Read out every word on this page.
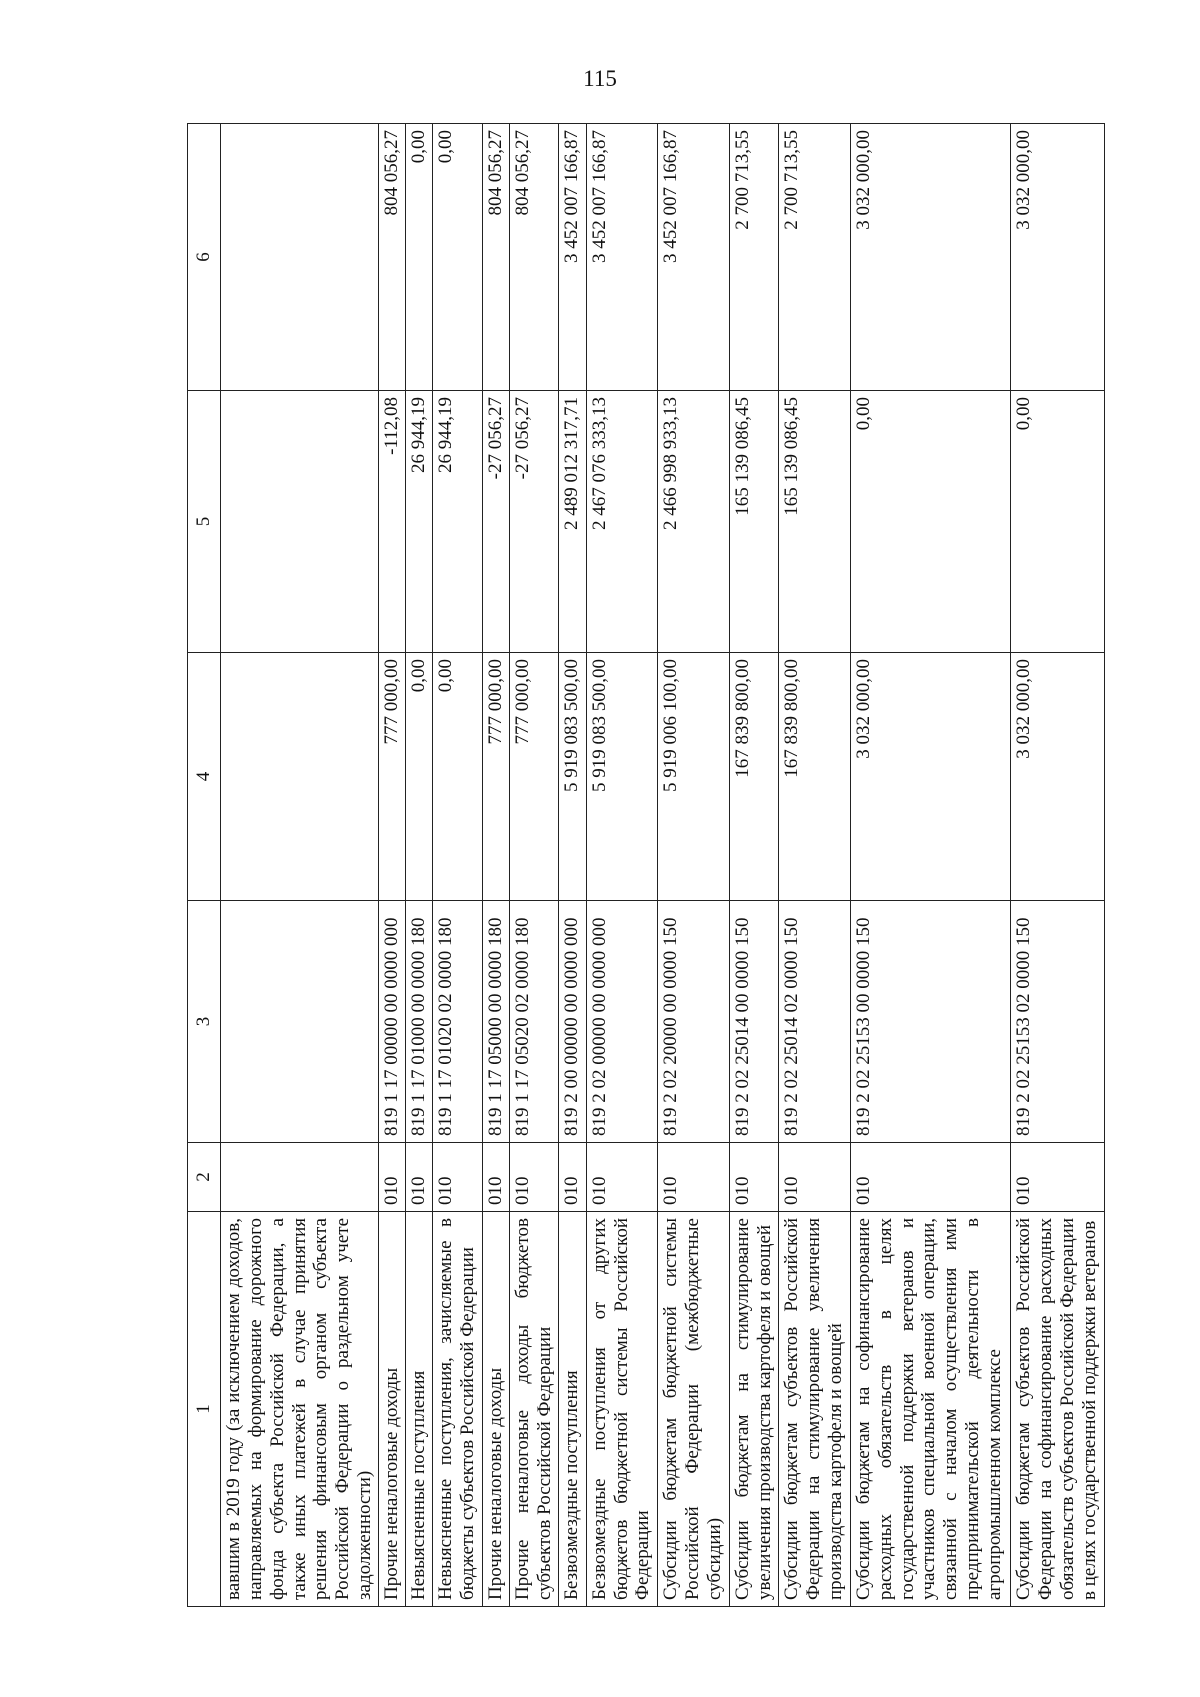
115
1	2	3	4	5	6
вавшим в 2019 году (за исключением доходов, направляемых на формирование дорожного фонда субъекта Российской Федерации, а также иных платежей в случае принятия решения финансовым органом субъекта Российской Федерации о раздельном учете задолженности)					
Прочие неналоговые доходы	010	819 1 17 00000 00 0000 000	777 000,00	-112,08	804 056,27
Невыясненные поступления	010	819 1 17 01000 00 0000 180	0,00	26 944,19	0,00
Невыясненные поступления, зачисляемые в бюджеты субъектов Российской Федерации	010	819 1 17 01020 02 0000 180	0,00	26 944,19	0,00
Прочие неналоговые доходы	010	819 1 17 05000 00 0000 180	777 000,00	-27 056,27	804 056,27
Прочие неналоговые доходы бюджетов субъектов Российской Федерации	010	819 1 17 05020 02 0000 180	777 000,00	-27 056,27	804 056,27
Безвозмездные поступления	010	819 2 00 00000 00 0000 000	5 919 083 500,00	2 489 012 317,71	3 452 007 166,87
Безвозмездные поступления от других бюджетов бюджетной системы Российской Федерации	010	819 2 02 00000 00 0000 000	5 919 083 500,00	2 467 076 333,13	3 452 007 166,87
Субсидии бюджетам бюджетной системы Российской Федерации (межбюджетные субсидии)	010	819 2 02 20000 00 0000 150	5 919 006 100,00	2 466 998 933,13	3 452 007 166,87
Субсидии бюджетам на стимулирование увеличения производства картофеля и овощей	010	819 2 02 25014 00 0000 150	167 839 800,00	165 139 086,45	2 700 713,55
Субсидии бюджетам субъектов Российской Федерации на стимулирование увеличения производства картофеля и овощей	010	819 2 02 25014 02 0000 150	167 839 800,00	165 139 086,45	2 700 713,55
Субсидии бюджетам на софинансирование расходных обязательств в целях государственной поддержки ветеранов и участников специальной военной операции, связанной с началом осуществления ими предпринимательской деятельности в агропромышленном комплексе	010	819 2 02 25153 00 0000 150	3 032 000,00	0,00	3 032 000,00
Субсидии бюджетам субъектов Российской Федерации на софинансирование расходных обязательств субъектов Российской Федерации в целях государственной поддержки ветеранов	010	819 2 02 25153 02 0000 150	3 032 000,00	0,00	3 032 000,00
